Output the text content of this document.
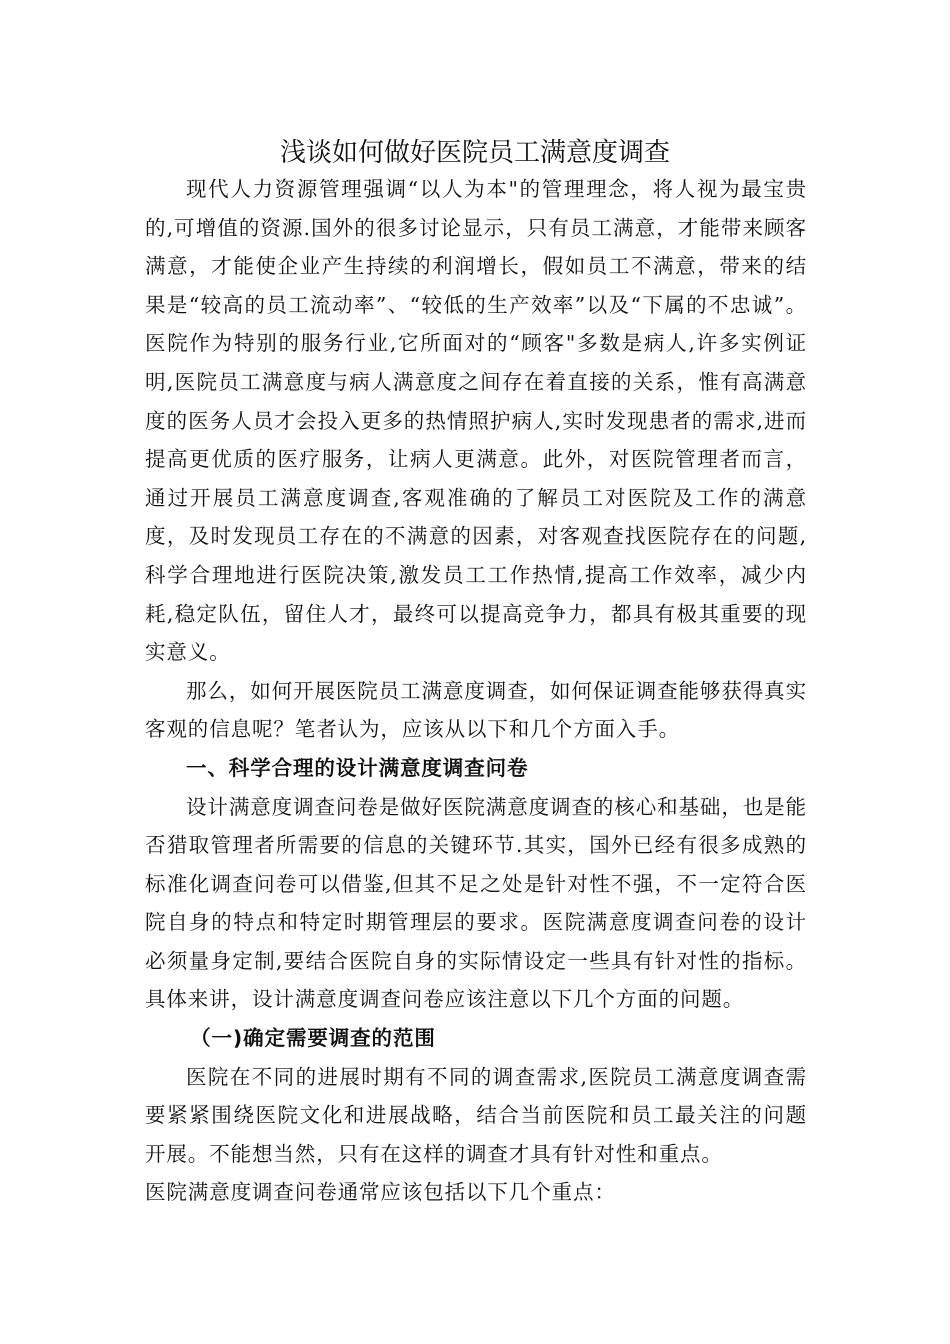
浅谈如何做好医院员工满意度调查

现代人力资源管理强调“以人为本"的管理理念，将人视为最宝贵的,可增值的资源.国外的很多讨论显示，只有员工满意，才能带来顾客满意，才能使企业产生持续的利润增长，假如员工不满意，带来的结果是“较高的员工流动率”、“较低的生产效率”以及“下属的不忠诚”。医院作为特别的服务行业,它所面对的“顾客"多数是病人,许多实例证明,医院员工满意度与病人满意度之间存在着直接的关系，惟有高满意度的医务人员才会投入更多的热情照护病人,实时发现患者的需求,进而提高更优质的医疗服务，让病人更满意。此外，对医院管理者而言，通过开展员工满意度调查,客观准确的了解员工对医院及工作的满意度，及时发现员工存在的不满意的因素，对客观查找医院存在的问题,科学合理地进行医院决策,激发员工工作热情,提高工作效率，减少内耗,稳定队伍，留住人才，最终可以提高竞争力，都具有极其重要的现实意义。

那么，如何开展医院员工满意度调查，如何保证调查能够获得真实客观的信息呢？笔者认为，应该从以下和几个方面入手。

一、科学合理的设计满意度调查问卷

设计满意度调查问卷是做好医院满意度调查的核心和基础，也是能否猎取管理者所需要的信息的关键环节.其实，国外已经有很多成熟的标准化调查问卷可以借鉴,但其不足之处是针对性不强，不一定符合医院自身的特点和特定时期管理层的要求。医院满意度调查问卷的设计必须量身定制,要结合医院自身的实际情设定一些具有针对性的指标。具体来讲，设计满意度调查问卷应该注意以下几个方面的问题。

（一)确定需要调查的范围

医院在不同的进展时期有不同的调查需求,医院员工满意度调查需要紧紧围绕医院文化和进展战略，结合当前医院和员工最关注的问题开展。不能想当然，只有在这样的调查才具有针对性和重点。

医院满意度调查问卷通常应该包括以下几个重点：
